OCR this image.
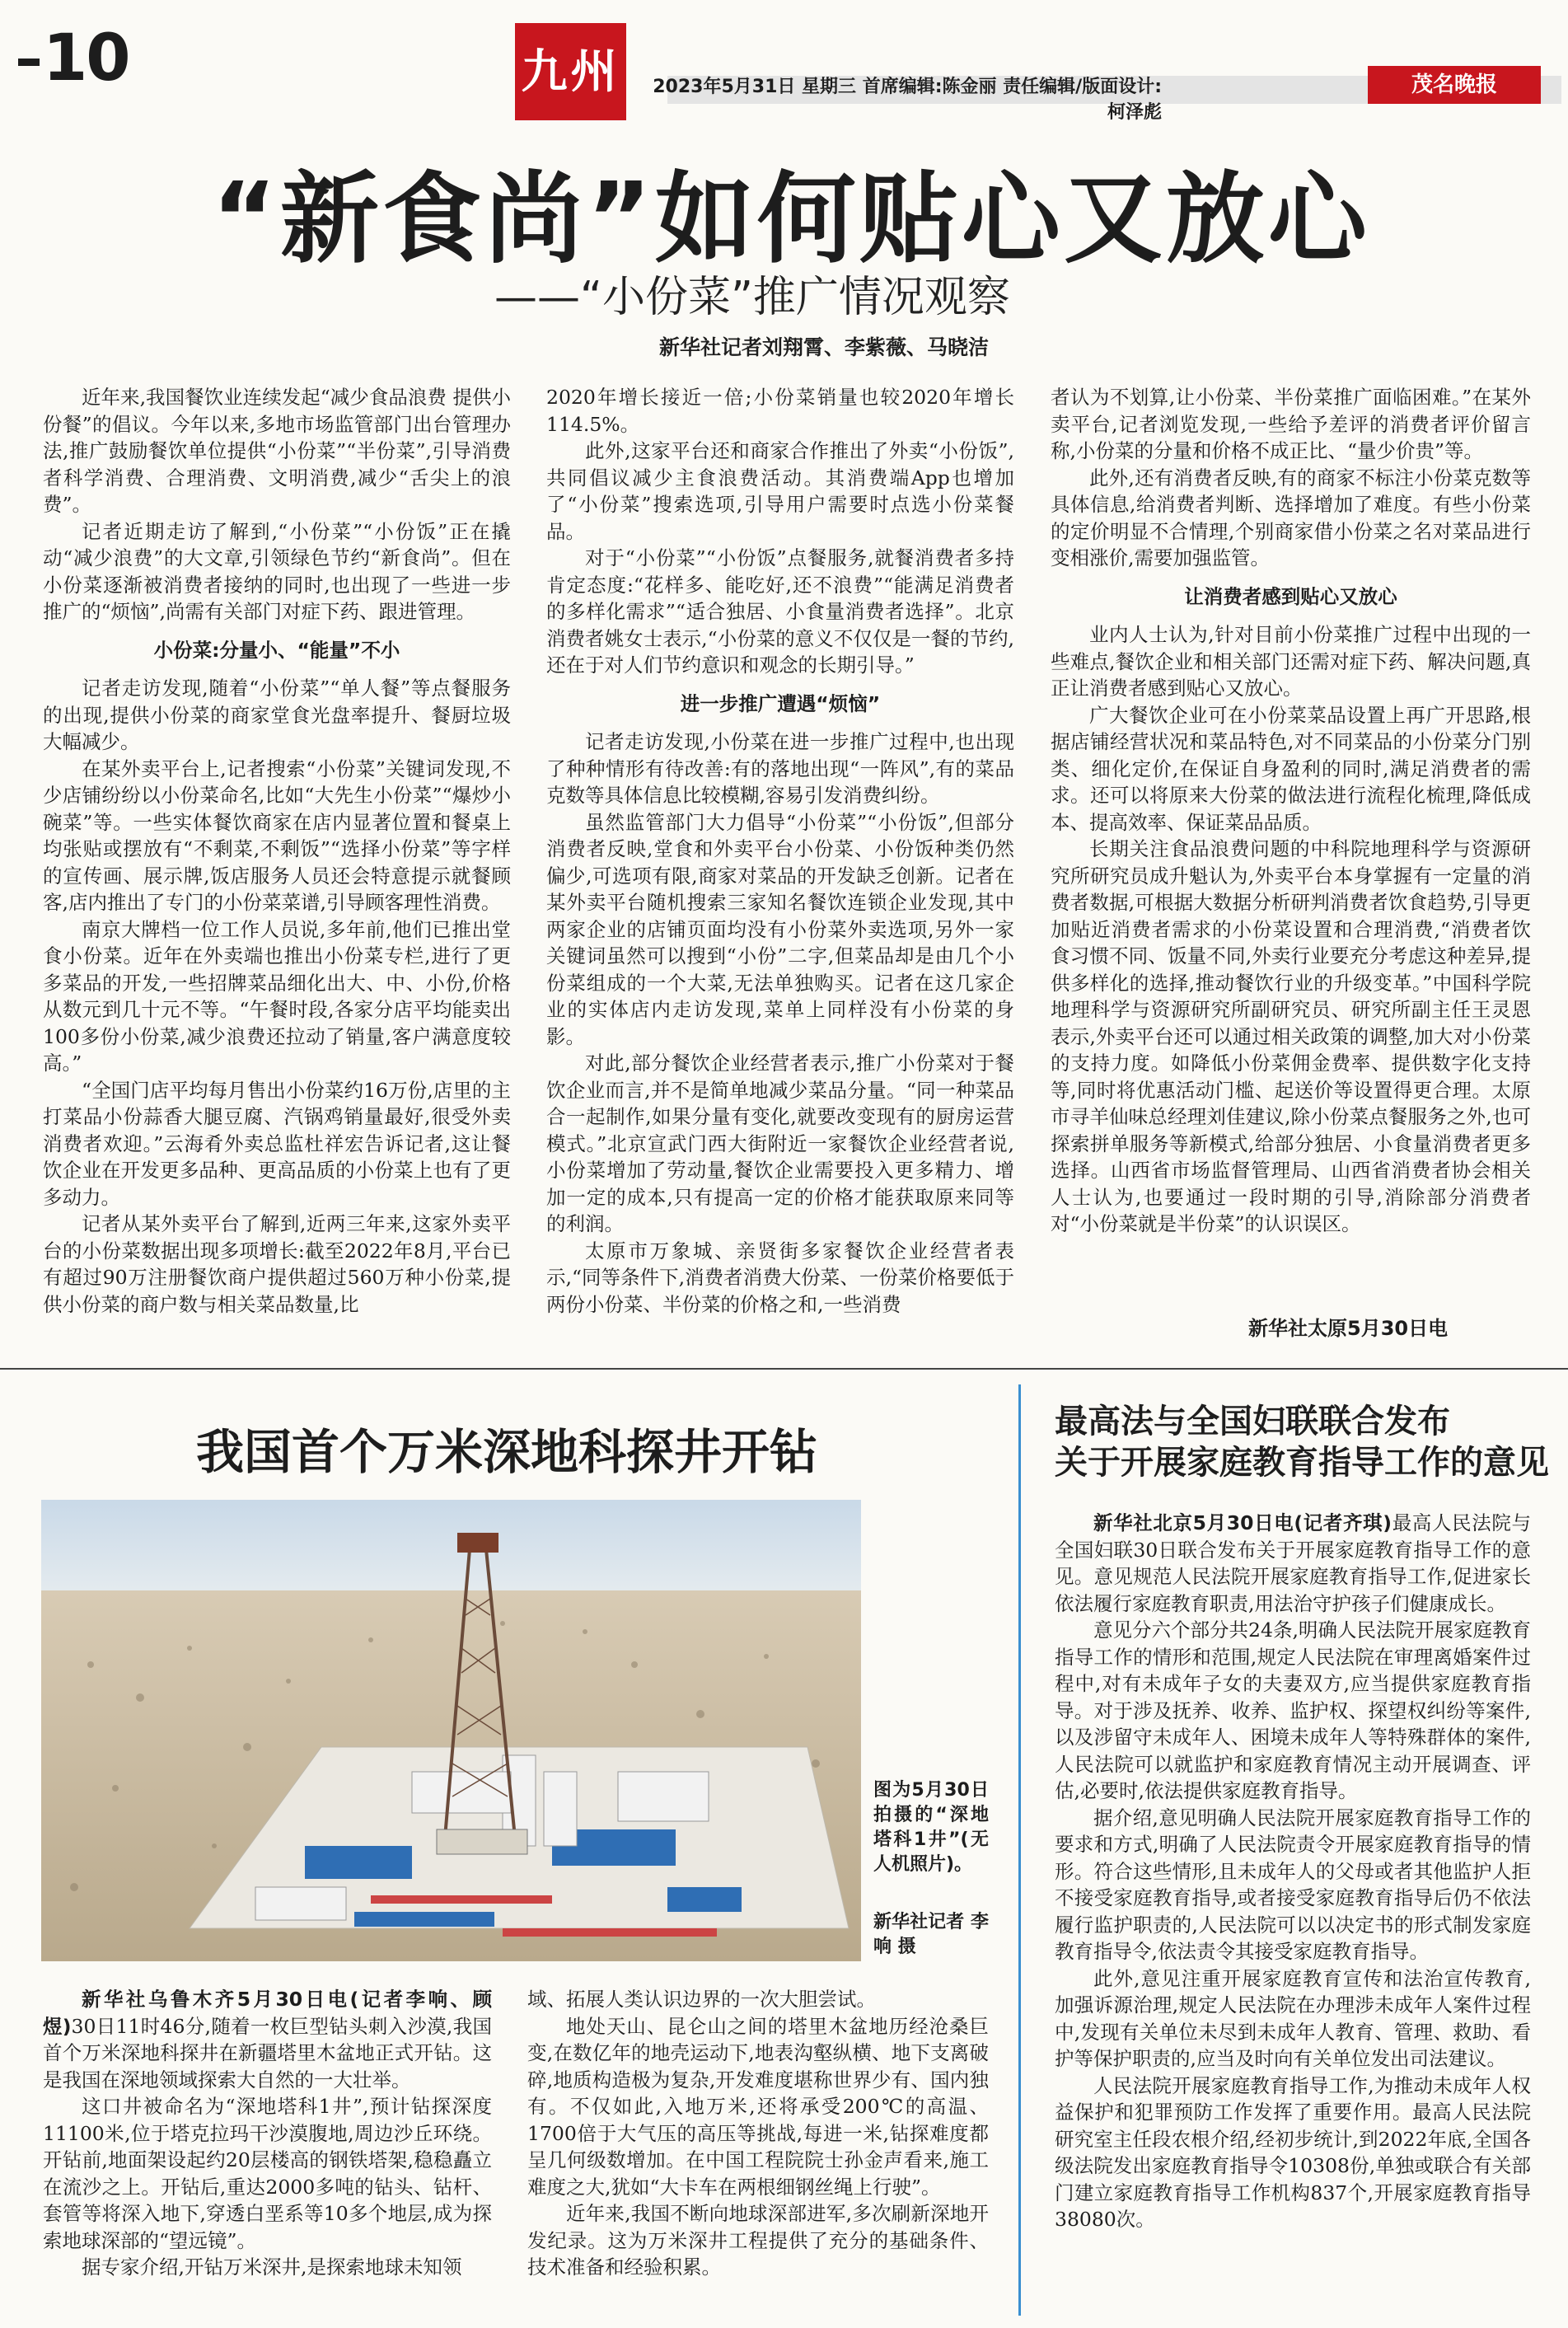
10	九州	2023年5月31日 星期三 首席编辑:陈金丽 责任编辑/版面设计:柯泽彪
茂名晚报
“新食尚”如何贴心又放心
——“小份菜”推广情况观察
新华社记者刘翔霄、李紫薇、马晓洁

近年来,我国餐饮业连续发起“减少食品浪费 提供小份餐”的倡议。今年以来,多地市场监管部门出台管理办法,推广鼓励餐饮单位提供“小份菜”“半份菜”,引导消费者科学消费、合理消费、文明消费,减少“舌尖上的浪费”。

记者近期走访了解到,“小份菜”“小份饭”正在撬动“减少浪费”的大文章,引领绿色节约“新食尚”。但在小份菜逐渐被消费者接纳的同时,也出现了一些进一步推广的“烦恼”,尚需有关部门对症下药、跟进管理。

小份菜:分量小、“能量”不小

记者走访发现,随着“小份菜”“单人餐”等点餐服务的出现,提供小份菜的商家堂食光盘率提升、餐厨垃圾大幅减少。

在某外卖平台上,记者搜索“小份菜”关键词发现,不少店铺纷纷以小份菜命名,比如“大先生小份菜”“爆炒小碗菜”等。一些实体餐饮商家在店内显著位置和餐桌上均张贴或摆放有“不剩菜,不剩饭”“选择小份菜”等字样的宣传画、展示牌,饭店服务人员还会特意提示就餐顾客,店内推出了专门的小份菜菜谱,引导顾客理性消费。

南京大牌档一位工作人员说,多年前,他们已推出堂食小份菜。近年在外卖端也推出小份菜专栏,进行了更多菜品的开发,一些招牌菜品细化出大、中、小份,价格从数元到几十元不等。“午餐时段,各家分店平均能卖出100多份小份菜,减少浪费还拉动了销量,客户满意度较高。”

“全国门店平均每月售出小份菜约16万份,店里的主打菜品小份蒜香大腿豆腐、汽锅鸡销量最好,很受外卖消费者欢迎。”云海肴外卖总监杜祥宏告诉记者,这让餐饮企业在开发更多品种、更高品质的小份菜上也有了更多动力。

记者从某外卖平台了解到,近两三年来,这家外卖平台的小份菜数据出现多项增长:截至2022年8月,平台已有超过90万注册餐饮商户提供超过560万种小份菜,提供小份菜的商户数与相关菜品数量,比

2020年增长接近一倍;小份菜销量也较2020年增长114.5%。

此外,这家平台还和商家合作推出了外卖“小份饭”,共同倡议减少主食浪费活动。其消费端App也增加了“小份菜”搜索选项,引导用户需要时点选小份菜餐品。

对于“小份菜”“小份饭”点餐服务,就餐消费者多持肯定态度:“花样多、能吃好,还不浪费”“能满足消费者的多样化需求”“适合独居、小食量消费者选择”。北京消费者姚女士表示,“小份菜的意义不仅仅是一餐的节约,还在于对人们节约意识和观念的长期引导。”

进一步推广遭遇“烦恼”

记者走访发现,小份菜在进一步推广过程中,也出现了种种情形有待改善:有的落地出现“一阵风”,有的菜品克数等具体信息比较模糊,容易引发消费纠纷。

虽然监管部门大力倡导“小份菜”“小份饭”,但部分消费者反映,堂食和外卖平台小份菜、小份饭种类仍然偏少,可选项有限,商家对菜品的开发缺乏创新。记者在某外卖平台随机搜索三家知名餐饮连锁企业发现,其中两家企业的店铺页面均没有小份菜外卖选项,另外一家关键词虽然可以搜到“小份”二字,但菜品却是由几个小份菜组成的一个大菜,无法单独购买。记者在这几家企业的实体店内走访发现,菜单上同样没有小份菜的身影。

对此,部分餐饮企业经营者表示,推广小份菜对于餐饮企业而言,并不是简单地减少菜品分量。“同一种菜品合一起制作,如果分量有变化,就要改变现有的厨房运营模式。”北京宣武门西大街附近一家餐饮企业经营者说,小份菜增加了劳动量,餐饮企业需要投入更多精力、增加一定的成本,只有提高一定的价格才能获取原来同等的利润。

太原市万象城、亲贤街多家餐饮企业经营者表示,“同等条件下,消费者消费大份菜、一份菜价格要低于两份小份菜、半份菜的价格之和,一些消费

者认为不划算,让小份菜、半份菜推广面临困难。”在某外卖平台,记者浏览发现,一些给予差评的消费者评价留言称,小份菜的分量和价格不成正比、“量少价贵”等。

此外,还有消费者反映,有的商家不标注小份菜克数等具体信息,给消费者判断、选择增加了难度。有些小份菜的定价明显不合情理,个别商家借小份菜之名对菜品进行变相涨价,需要加强监管。

让消费者感到贴心又放心

业内人士认为,针对目前小份菜推广过程中出现的一些难点,餐饮企业和相关部门还需对症下药、解决问题,真正让消费者感到贴心又放心。

广大餐饮企业可在小份菜菜品设置上再广开思路,根据店铺经营状况和菜品特色,对不同菜品的小份菜分门别类、细化定价,在保证自身盈利的同时,满足消费者的需求。还可以将原来大份菜的做法进行流程化梳理,降低成本、提高效率、保证菜品品质。

长期关注食品浪费问题的中科院地理科学与资源研究所研究员成升魁认为,外卖平台本身掌握有一定量的消费者数据,可根据大数据分析研判消费者饮食趋势,引导更加贴近消费者需求的小份菜设置和合理消费,“消费者饮食习惯不同、饭量不同,外卖行业要充分考虑这种差异,提供多样化的选择,推动餐饮行业的升级变革。”中国科学院地理科学与资源研究所副研究员、研究所副主任王灵恩表示,外卖平台还可以通过相关政策的调整,加大对小份菜的支持力度。如降低小份菜佣金费率、提供数字化支持等,同时将优惠活动门槛、起送价等设置得更合理。太原市寻羊仙味总经理刘佳建议,除小份菜点餐服务之外,也可探索拼单服务等新模式,给部分独居、小食量消费者更多选择。山西省市场监督管理局、山西省消费者协会相关人士认为,也要通过一段时期的引导,消除部分消费者对“小份菜就是半份菜”的认识误区。

新华社太原5月30日电
我国首个万米深地科探井开钻
图为5月30日拍摄的“深地塔科1井”(无人机照片)。
新华社记者 李响 摄

新华社乌鲁木齐5月30日电(记者李响、顾煜)30日11时46分,随着一枚巨型钻头刺入沙漠,我国首个万米深地科探井在新疆塔里木盆地正式开钻。这是我国在深地领域探索大自然的一大壮举。

这口井被命名为“深地塔科1井”,预计钻探深度11100米,位于塔克拉玛干沙漠腹地,周边沙丘环绕。开钻前,地面架设起约20层楼高的钢铁塔架,稳稳矗立在流沙之上。开钻后,重达2000多吨的钻头、钻杆、套管等将深入地下,穿透白垩系等10多个地层,成为探索地球深部的“望远镜”。

据专家介绍,开钻万米深井,是探索地球未知领

域、拓展人类认识边界的一次大胆尝试。

地处天山、昆仑山之间的塔里木盆地历经沧桑巨变,在数亿年的地壳运动下,地表沟壑纵横、地下支离破碎,地质构造极为复杂,开发难度堪称世界少有、国内独有。不仅如此,入地万米,还将承受200℃的高温、1700倍于大气压的高压等挑战,每进一米,钻探难度都呈几何级数增加。在中国工程院院士孙金声看来,施工难度之大,犹如“大卡车在两根细钢丝绳上行驶”。

近年来,我国不断向地球深部进军,多次刷新深地开发纪录。这为万米深井工程提供了充分的基础条件、技术准备和经验积累。

最高法与全国妇联联合发布
关于开展家庭教育指导工作的意见

新华社北京5月30日电(记者齐琪)最高人民法院与全国妇联30日联合发布关于开展家庭教育指导工作的意见。意见规范人民法院开展家庭教育指导工作,促进家长依法履行家庭教育职责,用法治守护孩子们健康成长。

意见分六个部分共24条,明确人民法院开展家庭教育指导工作的情形和范围,规定人民法院在审理离婚案件过程中,对有未成年子女的夫妻双方,应当提供家庭教育指导。对于涉及抚养、收养、监护权、探望权纠纷等案件,以及涉留守未成年人、困境未成年人等特殊群体的案件,人民法院可以就监护和家庭教育情况主动开展调查、评估,必要时,依法提供家庭教育指导。

据介绍,意见明确人民法院开展家庭教育指导工作的要求和方式,明确了人民法院责令开展家庭教育指导的情形。符合这些情形,且未成年人的父母或者其他监护人拒不接受家庭教育指导,或者接受家庭教育指导后仍不依法履行监护职责的,人民法院可以以决定书的形式制发家庭教育指导令,依法责令其接受家庭教育指导。

此外,意见注重开展家庭教育宣传和法治宣传教育,加强诉源治理,规定人民法院在办理涉未成年人案件过程中,发现有关单位未尽到未成年人教育、管理、救助、看护等保护职责的,应当及时向有关单位发出司法建议。

人民法院开展家庭教育指导工作,为推动未成年人权益保护和犯罪预防工作发挥了重要作用。最高人民法院研究室主任段农根介绍,经初步统计,到2022年底,全国各级法院发出家庭教育指导令10308份,单独或联合有关部门建立家庭教育指导工作机构837个,开展家庭教育指导38080次。
